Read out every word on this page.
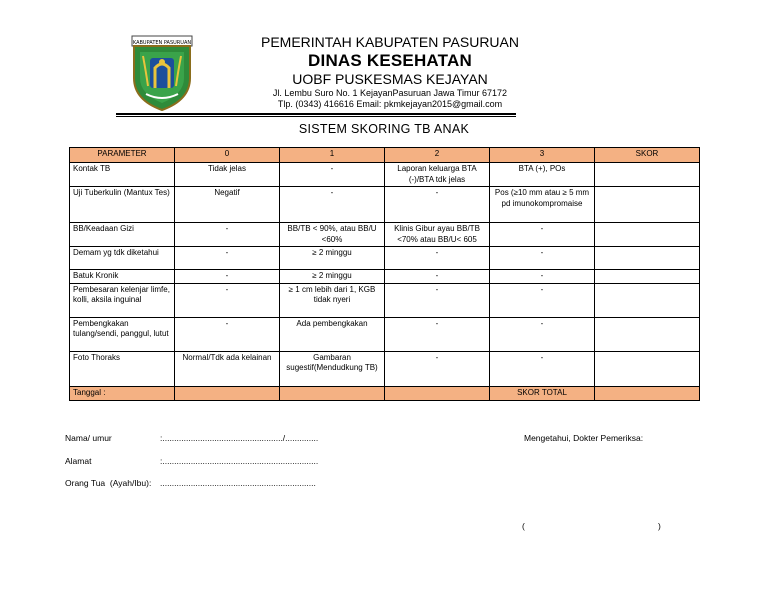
KABUPATEN PASURUAN	PEMERINTAH KABUPATEN PASURUAN
DINAS KESEHATAN
UOBF PUSKESMAS KEJAYAN
Jl. Lembu Suro No. 1 KejayanPasuruan Jawa Timur 67172
Tlp. (0343) 416616 Email: pkmkejayan2015@gmail.com
SISTEM SKORING TB ANAK
PARAMETER	0	1	2	3	SKOR
Kontak TB	Tidak jelas	-	Laporan keluarga BTA (-)/BTA tdk jelas	BTA (+), POs	
Uji Tuberkulin (Mantux Tes)	Negatif	-	-	Pos (≥10 mm atau ≥ 5 mm pd imunokompromaise	
BB/Keadaan Gizi	-	BB/TB < 90%, atau BB/U <60%	Klinis Gibur ayau BB/TB <70% atau BB/U< 605	-	
Demam yg tdk diketahui	-	≥ 2 minggu	-	-	
Batuk Kronik	-	≥ 2 minggu	-	-	
Pembesaran kelenjar limfe, kolli, aksila inguinal	-	≥ 1 cm lebih dari 1, KGB tidak nyeri	-	-	
Pembengkakan tulang/sendi, panggul, lutut	-	Ada pembengkakan	-	-	
Foto Thoraks	Normal/Tdk ada kelainan	Gambaran sugestif(Mendudkung TB)	-	-	
Tanggal :				SKOR TOTAL	
Nama/ umur	:.................................................../..............
Alamat	:..................................................................
Orang Tua  (Ayah/Ibu): ..................................................................
Mengetahui, Dokter Pemeriksa:
(	)
